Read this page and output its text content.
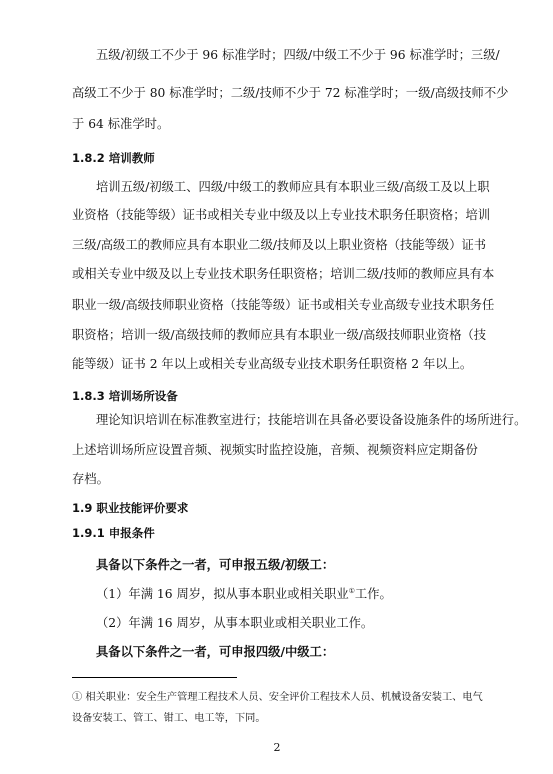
五级/初级工不少于 96 标准学时；四级/中级工不少于 96 标准学时；三级/
高级工不少于 80 标准学时；二级/技师不少于 72 标准学时；一级/高级技师不少
于 64 标准学时。
1.8.2 培训教师
培训五级/初级工、四级/中级工的教师应具有本职业三级/高级工及以上职
业资格（技能等级）证书或相关专业中级及以上专业技术职务任职资格；培训
三级/高级工的教师应具有本职业二级/技师及以上职业资格（技能等级）证书
或相关专业中级及以上专业技术职务任职资格；培训二级/技师的教师应具有本
职业一级/高级技师职业资格（技能等级）证书或相关专业高级专业技术职务任
职资格；培训一级/高级技师的教师应具有本职业一级/高级技师职业资格（技
能等级）证书 2 年以上或相关专业高级专业技术职务任职资格 2 年以上。
1.8.3 培训场所设备
理论知识培训在标准教室进行；技能培训在具备必要设备设施条件的场所进行。
上述培训场所应设置音频、视频实时监控设施，音频、视频资料应定期备份
存档。
1.9 职业技能评价要求
1.9.1 申报条件
具备以下条件之一者，可申报五级/初级工：
（1）年满 16 周岁，拟从事本职业或相关职业①工作。
（2）年满 16 周岁，从事本职业或相关职业工作。
具备以下条件之一者，可申报四级/中级工：
① 相关职业：安全生产管理工程技术人员、安全评价工程技术人员、机械设备安装工、电气
设备安装工、管工、钳工、电工等，下同。
2
